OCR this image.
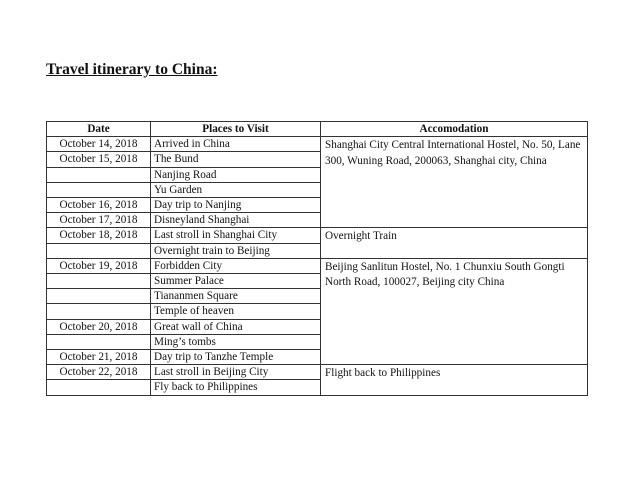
Travel itinerary to China:
Date	Places to Visit	Accomodation
October 14, 2018	Arrived in China	Shanghai City Central International Hostel, No. 50, Lane 300, Wuning Road, 200063, Shanghai city, China
October 15, 2018	The Bund	
	Nanjing Road	
	Yu Garden	
October 16, 2018	Day trip to Nanjing	
October 17, 2018	Disneyland Shanghai	
October 18, 2018	Last stroll in Shanghai City	Overnight Train
	Overnight train to Beijing	
October 19, 2018	Forbidden City	Beijing Sanlitun Hostel, No. 1 Chunxiu South Gongti North Road, 100027, Beijing city China
	Summer Palace	
	Tiananmen Square	
	Temple of heaven	
October 20, 2018	Great wall of China	
	Ming’s tombs	
October 21, 2018	Day trip to Tanzhe Temple	
October 22, 2018	Last stroll in Beijing City	Flight back to Philippines
	Fly back to Philippines	
